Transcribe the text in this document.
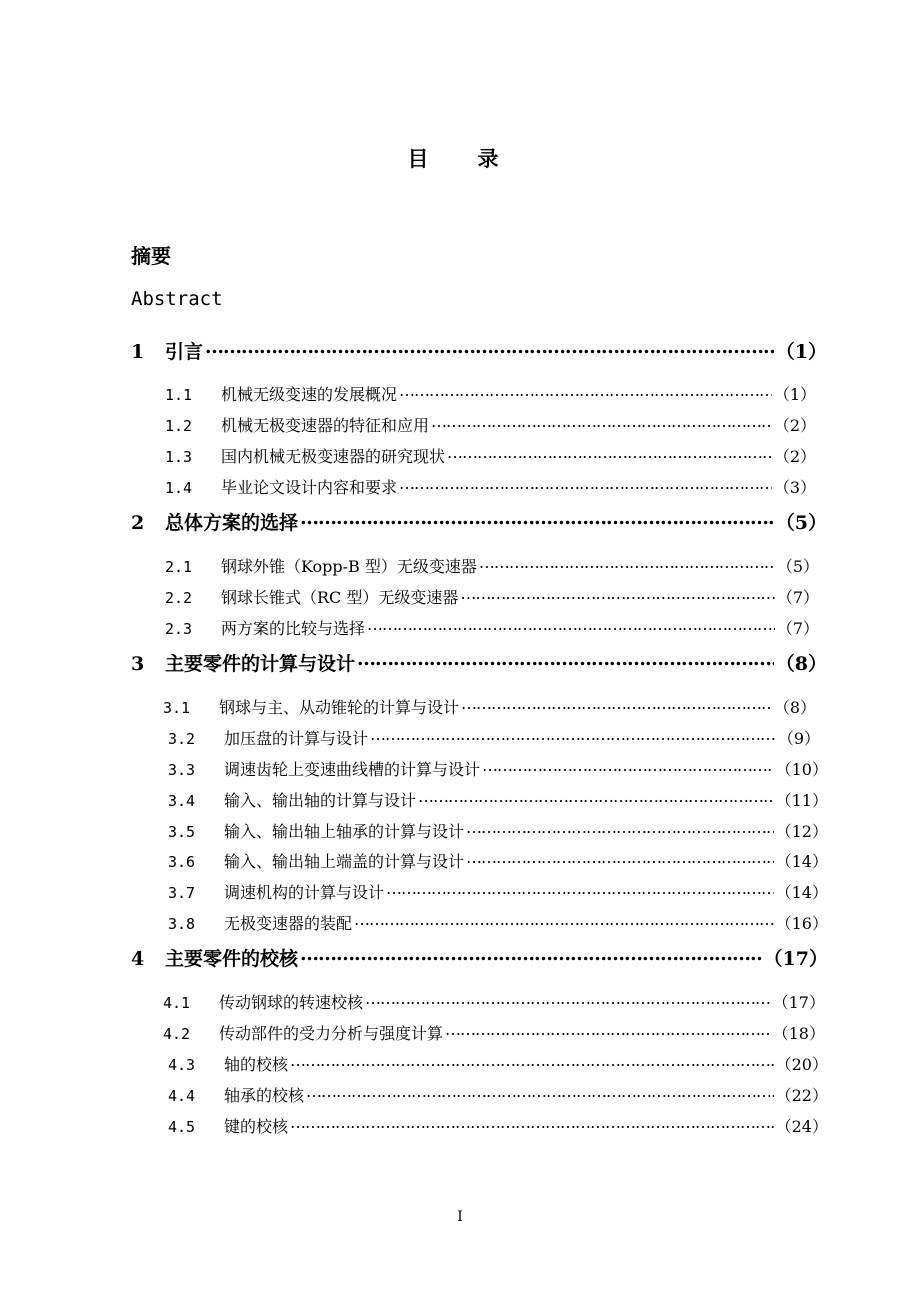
目　录
摘要
Abstract
1	引言 …………………………………………………………………………………………………………………………………………………………………………………………………………………………………………………………………	（1）
1.1	机械无级变速的发展概况 …………………………………………………………………………………………………………………………………………………………………………………………………………………………………………………………………	（1）
1.2	机械无极变速器的特征和应用 …………………………………………………………………………………………………………………………………………………………………………………………………………………………………………………………………	（2）
1.3	国内机械无极变速器的研究现状 …………………………………………………………………………………………………………………………………………………………………………………………………………………………………………………………………	（2）
1.4	毕业论文设计内容和要求 …………………………………………………………………………………………………………………………………………………………………………………………………………………………………………………………………	（3）
2	总体方案的选择 …………………………………………………………………………………………………………………………………………………………………………………………………………………………………………………………………	（5）
2.1	钢球外锥（Kopp-B 型）无级变速器 …………………………………………………………………………………………………………………………………………………………………………………………………………………………………………………………………	（5）
2.2	钢球长锥式（RC 型）无级变速器 …………………………………………………………………………………………………………………………………………………………………………………………………………………………………………………………………	（7）
2.3	两方案的比较与选择 …………………………………………………………………………………………………………………………………………………………………………………………………………………………………………………………………	（7）
3	主要零件的计算与设计 …………………………………………………………………………………………………………………………………………………………………………………………………………………………………………………………………	（8）
3.1	钢球与主、从动锥轮的计算与设计 …………………………………………………………………………………………………………………………………………………………………………………………………………………………………………………………………	（8）
3.2	加压盘的计算与设计 …………………………………………………………………………………………………………………………………………………………………………………………………………………………………………………………………	（9）
3.3	调速齿轮上变速曲线槽的计算与设计 …………………………………………………………………………………………………………………………………………………………………………………………………………………………………………………………………	（10）
3.4	输入、输出轴的计算与设计 …………………………………………………………………………………………………………………………………………………………………………………………………………………………………………………………………	（11）
3.5	输入、输出轴上轴承的计算与设计 …………………………………………………………………………………………………………………………………………………………………………………………………………………………………………………………………	（12）
3.6	输入、输出轴上端盖的计算与设计 …………………………………………………………………………………………………………………………………………………………………………………………………………………………………………………………………	（14）
3.7	调速机构的计算与设计 …………………………………………………………………………………………………………………………………………………………………………………………………………………………………………………………………	（14）
3.8	无极变速器的装配 …………………………………………………………………………………………………………………………………………………………………………………………………………………………………………………………………	（16）
4	主要零件的校核 …………………………………………………………………………………………………………………………………………………………………………………………………………………………………………………………………	（17）
4.1	传动钢球的转速校核 …………………………………………………………………………………………………………………………………………………………………………………………………………………………………………………………………	（17）
4.2	传动部件的受力分析与强度计算 …………………………………………………………………………………………………………………………………………………………………………………………………………………………………………………………………	（18）
4.3	轴的校核 …………………………………………………………………………………………………………………………………………………………………………………………………………………………………………………………………	（20）
4.4	轴承的校核 …………………………………………………………………………………………………………………………………………………………………………………………………………………………………………………………………	（22）
4.5	键的校核 …………………………………………………………………………………………………………………………………………………………………………………………………………………………………………………………………	（24）
I
